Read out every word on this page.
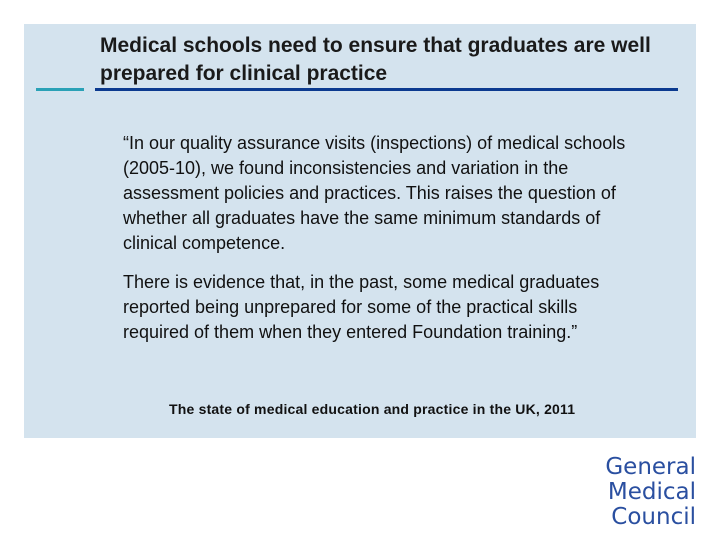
Medical schools need to ensure that graduates are well prepared for clinical practice

“In our quality assurance visits (inspections) of medical schools (2005-10), we found inconsistencies and variation in the assessment policies and practices. This raises the question of whether all graduates have the same minimum standards of clinical competence.

There is evidence that, in the past, some medical graduates reported being unprepared for some of the practical skills required of them when they entered Foundation training.”

The state of medical education and practice in the UK, 2011

General
Medical
Council
